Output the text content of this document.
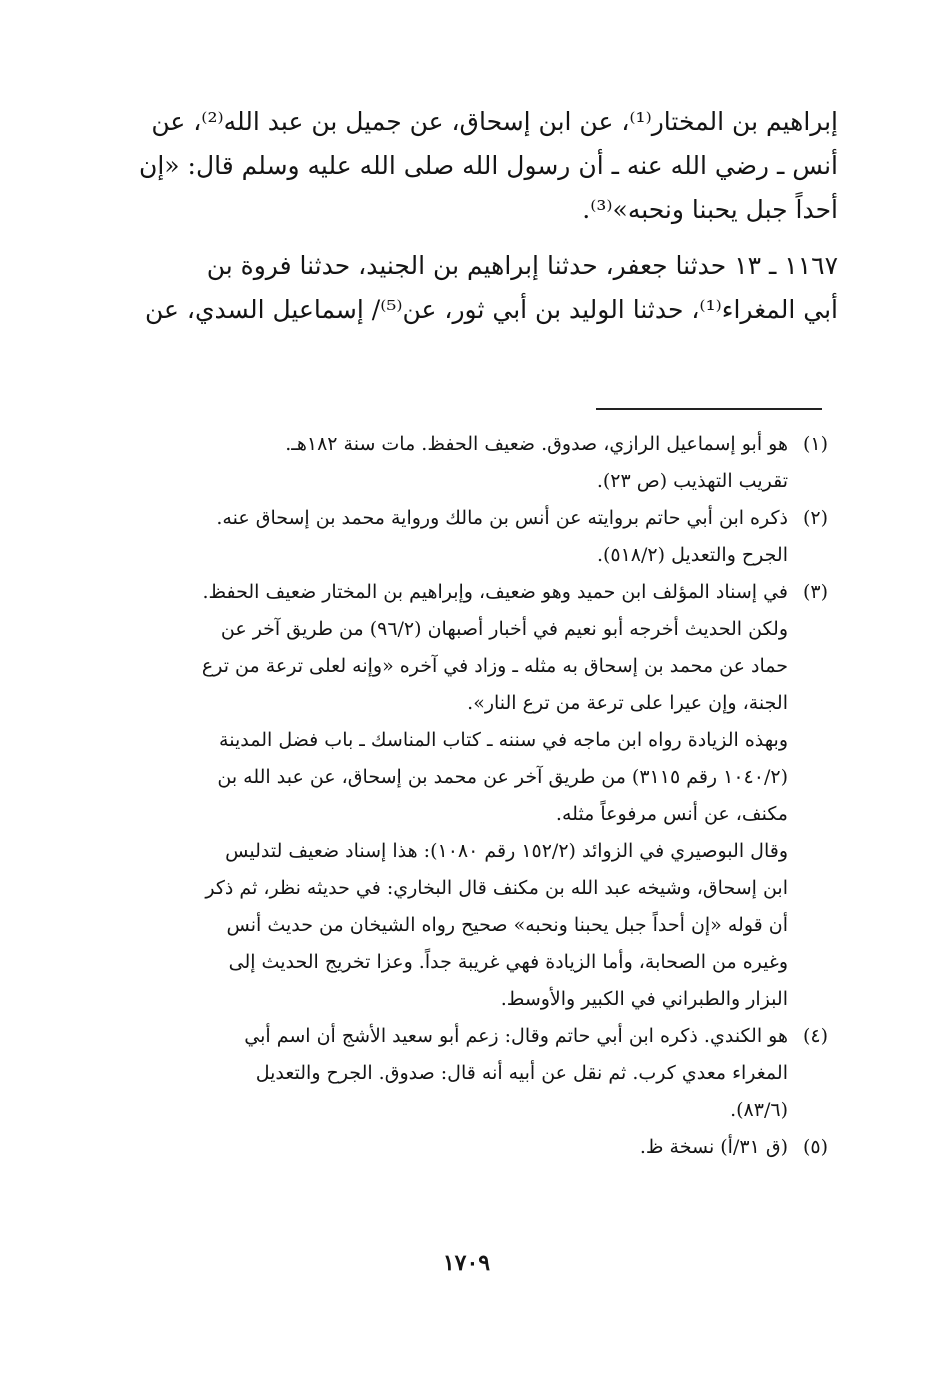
إبراهيم بن المختار⁽¹⁾، عن ابن إسحاق، عن جميل بن عبد الله⁽²⁾، عن
أنس ـ رضي الله عنه ـ أن رسول الله صلى الله عليه وسلم قال: «إن
أحداً جبل يحبنا ونحبه»⁽³⁾.
١١٦٧ ـ ١٣ حدثنا جعفر، حدثنا إبراهيم بن الجنيد، حدثنا فروة بن
أبي المغراء⁽¹⁾، حدثنا الوليد بن أبي ثور، عن⁽⁵⁾/ إسماعيل السدي، عن
(١)
هو أبو إسماعيل الرازي، صدوق. ضعيف الحفظ. مات سنة ١٨٢هـ.
تقريب التهذيب (ص ٢٣).
(٢)
ذكره ابن أبي حاتم بروايته عن أنس بن مالك ورواية محمد بن إسحاق عنه.
الجرح والتعديل (٥١٨/٢).
(٣)
في إسناد المؤلف ابن حميد وهو ضعيف، وإبراهيم بن المختار ضعيف الحفظ.
ولكن الحديث أخرجه أبو نعيم في أخبار أصبهان (٩٦/٢) من طريق آخر عن
حماد عن محمد بن إسحاق به مثله ـ وزاد في آخره «وإنه لعلى ترعة من ترع
الجنة، وإن عيرا على ترعة من ترع النار».
وبهذه الزيادة رواه ابن ماجه في سننه ـ كتاب المناسك ـ باب فضل المدينة
(١٠٤٠/٢ رقم ٣١١٥) من طريق آخر عن محمد بن إسحاق، عن عبد الله بن
مكنف، عن أنس مرفوعاً مثله.
وقال البوصيري في الزوائد (١٥٢/٢ رقم ١٠٨٠): هذا إسناد ضعيف لتدليس
ابن إسحاق، وشيخه عبد الله بن مكنف قال البخاري: في حديثه نظر، ثم ذكر
أن قوله «إن أحداً جبل يحبنا ونحبه» صحيح رواه الشيخان من حديث أنس
وغيره من الصحابة، وأما الزيادة فهي غريبة جداً. وعزا تخريج الحديث إلى
البزار والطبراني في الكبير والأوسط.
(٤)
هو الكندي. ذكره ابن أبي حاتم وقال: زعم أبو سعيد الأشج أن اسم أبي
المغراء معدي كرب. ثم نقل عن أبيه أنه قال: صدوق. الجرح والتعديل
(٨٣/٦).
(٥)
(ق ٣١/أ) نسخة ظ.
١٧٠٩
